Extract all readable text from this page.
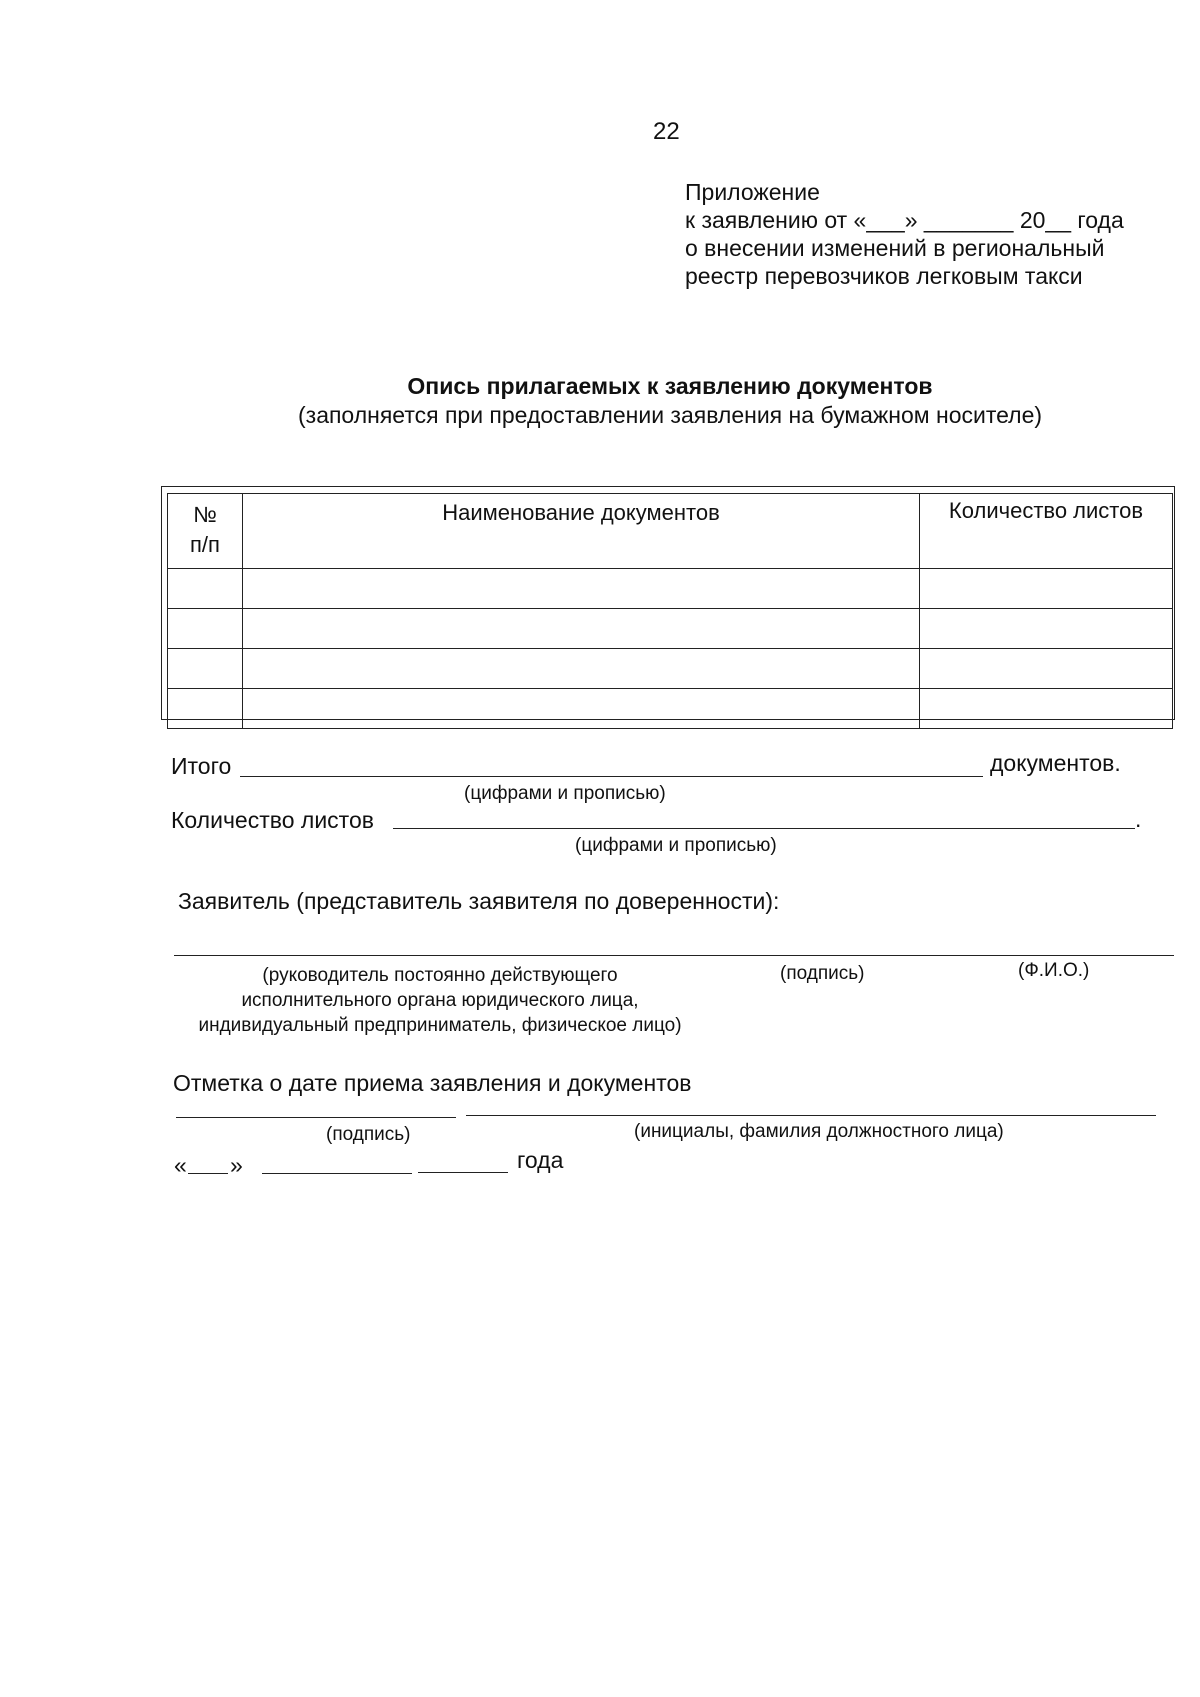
22
Приложение
к заявлению от «___» _______ 20__ года
о внесении изменений в региональный
реестр перевозчиков легковым такси
Опись прилагаемых к заявлению документов
(заполняется при предоставлении заявления на бумажном носителе)
№
п/п	Наименование документов	Количество листов

Итого	документов.
(цифрами и прописью)
Количество листов	.
(цифрами и прописью)
Заявитель (представитель заявителя по доверенности):
(руководитель постоянно действующего
исполнительного органа юридического лица,
индивидуальный предприниматель, физическое лицо)
(подпись)	(Ф.И.О.)
Отметка о дате приема заявления и документов
(подпись)	(инициалы, фамилия должностного лица)
« »	года
